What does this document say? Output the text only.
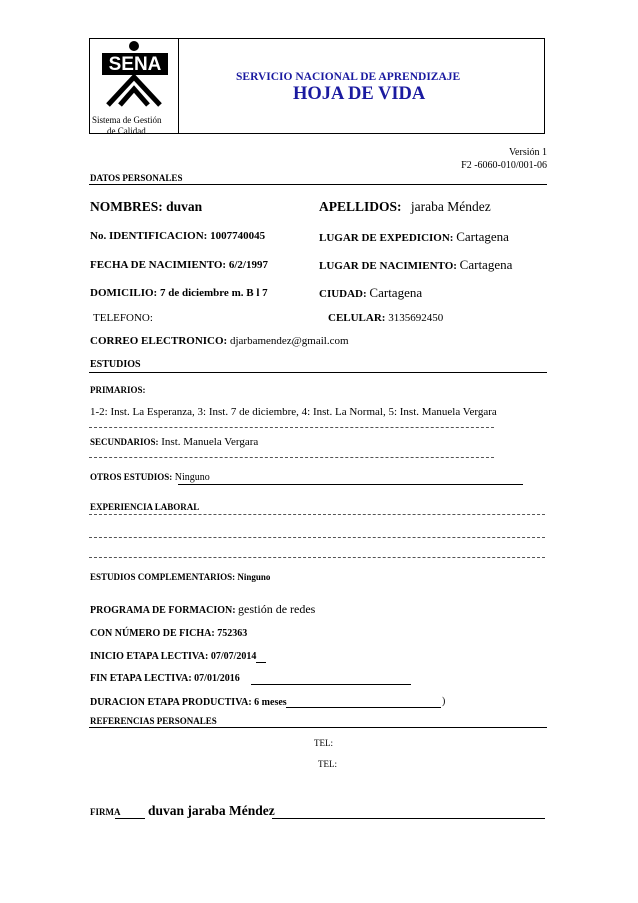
SENA
Sistema de Gestión
de Calidad
SERVICIO NACIONAL DE APRENDIZAJE
HOJA DE VIDA
Versión 1
F2 -6060-010/001-06
DATOS PERSONALES
NOMBRES: duvan	APELLIDOS: jaraba Méndez
No. IDENTIFICACION: 1007740045	LUGAR DE EXPEDICION: Cartagena
FECHA DE NACIMIENTO: 6/2/1997	LUGAR DE NACIMIENTO: Cartagena
DOMICILIO: 7 de diciembre m. B l 7	CIUDAD: Cartagena
TELEFONO:	CELULAR: 3135692450
CORREO ELECTRONICO: djarbamendez@gmail.com
ESTUDIOS
PRIMARIOS:
1-2: Inst. La Esperanza, 3: Inst. 7 de diciembre, 4: Inst. La Normal, 5: Inst. Manuela Vergara
SECUNDARIOS: Inst. Manuela Vergara
OTROS ESTUDIOS: Ninguno
EXPERIENCIA LABORAL
ESTUDIOS COMPLEMENTARIOS: Ninguno
PROGRAMA DE FORMACION: gestión de redes
CON NÚMERO DE FICHA: 752363
INICIO ETAPA LECTIVA: 07/07/2014
FIN ETAPA LECTIVA: 07/01/2016
DURACION ETAPA PRODUCTIVA: 6 meses	)
REFERENCIAS PERSONALES
TEL:
TEL:
FIRMA duvan jaraba Méndez
